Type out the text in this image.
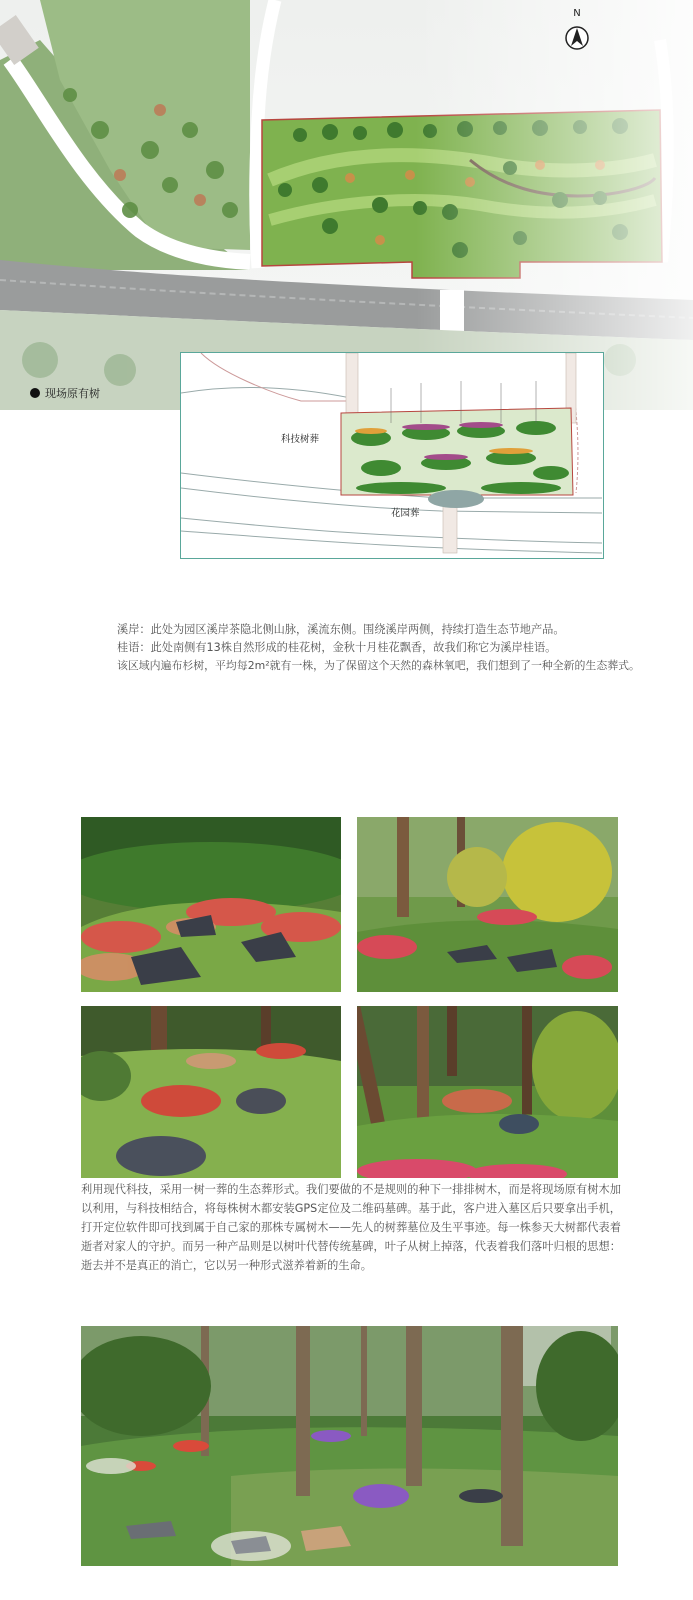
N
现场原有树
科技树葬
花园葬
溪岸：此处为园区溪岸茶隐北侧山脉，溪流东侧。围绕溪岸两侧，持续打造生态节地产品。
桂语：此处南侧有13株自然形成的桂花树，金秋十月桂花飘香，故我们称它为溪岸桂语。
该区域内遍布杉树，平均每2m²就有一株，为了保留这个天然的森林氧吧，我们想到了一种全新的生态葬式。
利用现代科技，采用一树一葬的生态葬形式。我们要做的不是规则的种下一排排树木，而是将现场原有树木加以利用，与科技相结合，将每株树木都安装GPS定位及二维码墓碑。基于此，客户进入墓区后只要拿出手机，打开定位软件即可找到属于自己家的那株专属树木——先人的树葬墓位及生平事迹。每一株参天大树都代表着逝者对家人的守护。而另一种产品则是以树叶代替传统墓碑，叶子从树上掉落，代表着我们落叶归根的思想：逝去并不是真正的消亡，它以另一种形式滋养着新的生命。
